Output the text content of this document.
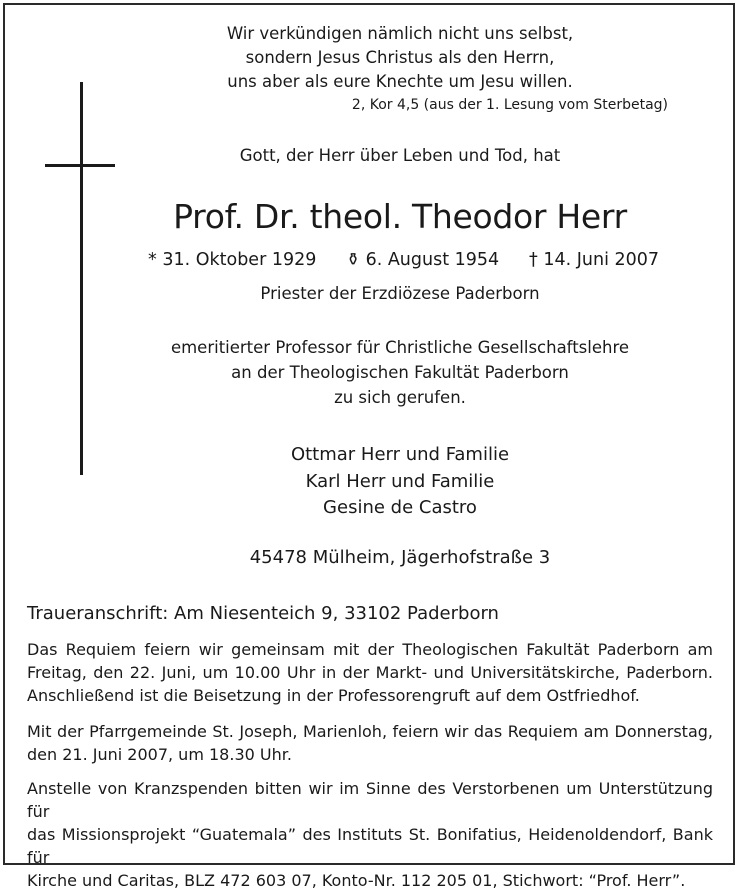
Wir verkündigen nämlich nicht uns selbst,
sondern Jesus Christus als den Herrn,
uns aber als eure Knechte um Jesu willen.
2, Kor 4,5 (aus der 1. Lesung vom Sterbetag)
Gott, der Herr über Leben und Tod, hat
Prof. Dr. theol. Theodor Herr
* 31. Oktober 1929 ⚱ 6. August 1954 † 14. Juni 2007
Priester der Erzdiözese Paderborn
emeritierter Professor für Christliche Gesellschaftslehre
an der Theologischen Fakultät Paderborn
zu sich gerufen.
Ottmar Herr und Familie
Karl Herr und Familie
Gesine de Castro
45478 Mülheim, Jägerhofstraße 3
Traueranschrift: Am Niesenteich 9, 33102 Paderborn
Das Requiem feiern wir gemeinsam mit der Theologischen Fakultät Paderborn am
Freitag, den 22. Juni, um 10.00 Uhr in der Markt- und Universitätskirche, Paderborn.
Anschließend ist die Beisetzung in der Professorengruft auf dem Ostfriedhof.
Mit der Pfarrgemeinde St. Joseph, Marienloh, feiern wir das Requiem am Donnerstag,
den 21. Juni 2007, um 18.30 Uhr.
Anstelle von Kranzspenden bitten wir im Sinne des Verstorbenen um Unterstützung für
das Missionsprojekt “Guatemala” des Instituts St. Bonifatius, Heidenoldendorf, Bank für
Kirche und Caritas, BLZ 472 603 07, Konto-Nr. 112 205 01, Stichwort: “Prof. Herr”.
